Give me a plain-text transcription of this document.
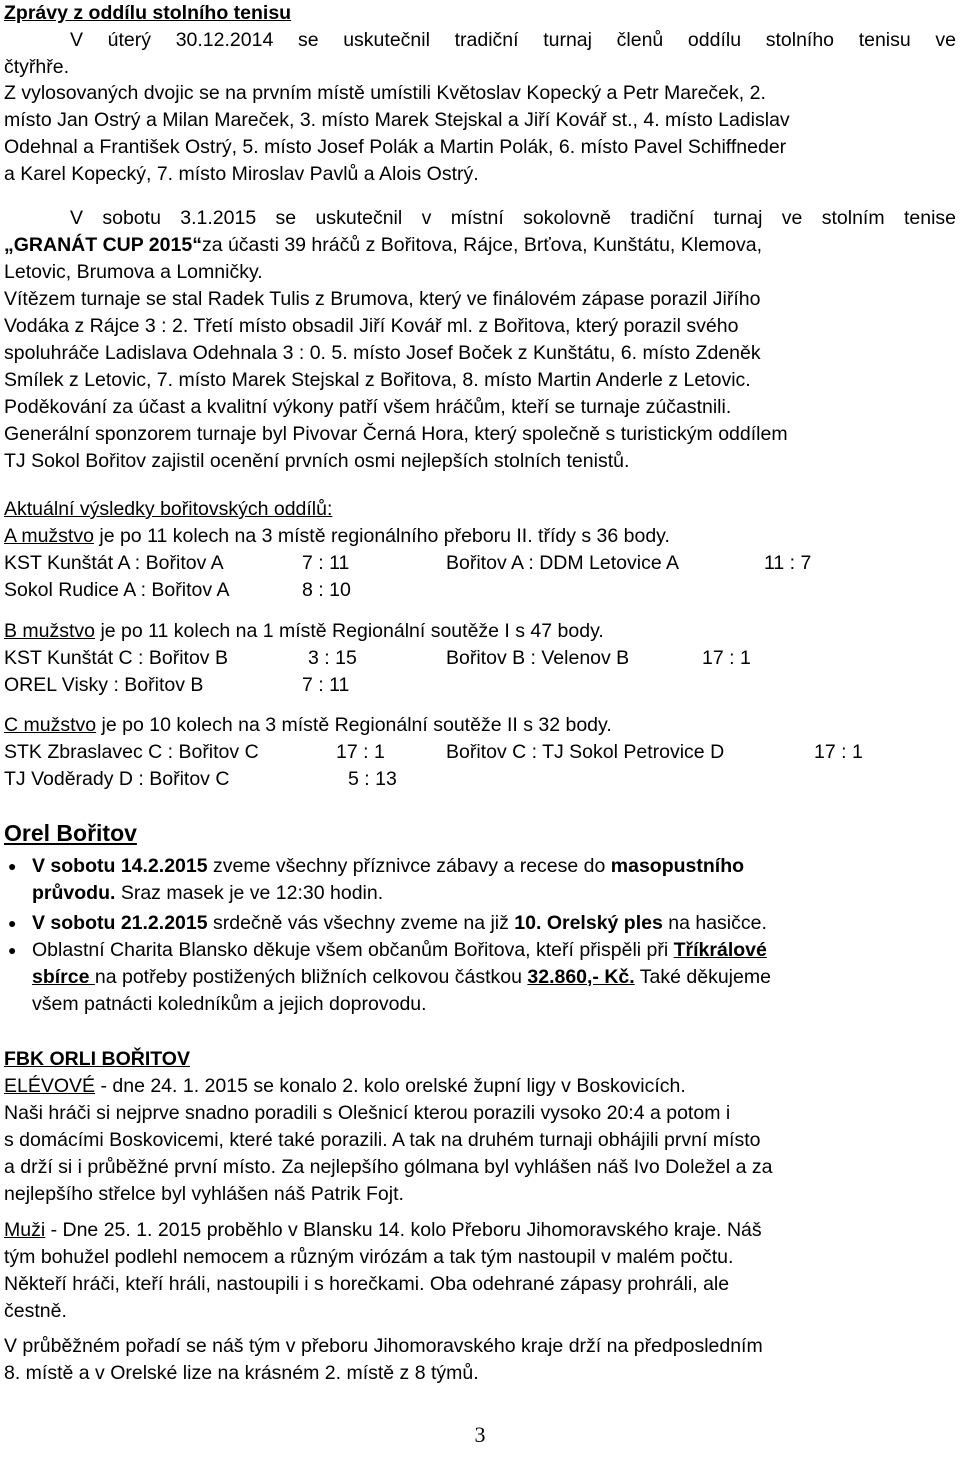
Zprávy z oddílu stolního tenisu
V úterý 30.12.2014 se uskutečnil tradiční turnaj členů oddílu stolního tenisu ve
čtyřhře.
Z vylosovaných dvojic se na prvním místě umístili Květoslav Kopecký a Petr Mareček, 2.
místo Jan Ostrý a Milan Mareček, 3. místo Marek Stejskal a Jiří Kovář st., 4. místo Ladislav
Odehnal a František Ostrý, 5. místo Josef Polák a Martin Polák, 6. místo Pavel Schiffneder
a Karel Kopecký, 7. místo Miroslav Pavlů a Alois Ostrý.
V sobotu 3.1.2015 se uskutečnil v místní sokolovně tradiční turnaj ve stolním tenise
„GRANÁT CUP 2015“za účasti 39 hráčů z Bořitova, Rájce, Brťova, Kunštátu, Klemova,
Letovic, Brumova a Lomničky.
Vítězem turnaje se stal Radek Tulis z Brumova, který ve finálovém zápase porazil Jiřího
Vodáka z Rájce 3 : 2. Třetí místo obsadil Jiří Kovář ml. z Bořitova, který porazil svého
spoluhráče Ladislava Odehnala 3 : 0. 5. místo Josef Boček z Kunštátu, 6. místo Zdeněk
Smílek z Letovic, 7. místo Marek Stejskal z Bořitova, 8. místo Martin Anderle z Letovic.
Poděkování za účast a kvalitní výkony patří všem hráčům, kteří se turnaje zúčastnili.
Generální sponzorem turnaje byl Pivovar Černá Hora, který společně s turistickým oddílem
TJ Sokol Bořitov zajistil ocenění prvních osmi nejlepších stolních tenistů.
Aktuální výsledky bořitovských oddílů:
A mužstvo je po 11 kolech na 3 místě regionálního přeboru II. třídy s 36 body.
KST Kunštát A : Bořitov A	7 : 11	Bořitov A : DDM Letovice A	11 : 7
Sokol Rudice A : Bořitov A	8 : 10
B mužstvo je po 11 kolech na 1 místě Regionální soutěže I s 47 body.
KST Kunštát C : Bořitov B	3 : 15	Bořitov B : Velenov B	17 : 1
OREL Visky : Bořitov B	7 : 11
C mužstvo je po 10 kolech na 3 místě Regionální soutěže II s 32 body.
STK Zbraslavec C : Bořitov C	17 : 1	Bořitov C : TJ Sokol Petrovice D	17 : 1
TJ Voděrady D : Bořitov C	5 : 13
Orel Bořitov
● V sobotu 14.2.2015 zveme všechny příznivce zábavy a recese do masopustního
průvodu. Sraz masek je ve 12:30 hodin.
● V sobotu 21.2.2015 srdečně vás všechny zveme na již 10. Orelský ples na hasičce.
● Oblastní Charita Blansko děkuje všem občanům Bořitova, kteří přispěli při Tříkrálové
sbírce na potřeby postižených bližních celkovou částkou 32.860,- Kč. Také děkujeme
všem patnácti koledníkům a jejich doprovodu.
FBK ORLI BOŘITOV
ELÉVOVÉ - dne 24. 1. 2015 se konalo 2. kolo orelské župní ligy v Boskovicích.
Naši hráči si nejprve snadno poradili s Olešnicí kterou porazili vysoko 20:4 a potom i
s domácími Boskovicemi, které také porazili. A tak na druhém turnaji obhájili první místo
a drží si i průběžné první místo. Za nejlepšího gólmana byl vyhlášen náš Ivo Doležel a za
nejlepšího střelce byl vyhlášen náš Patrik Fojt.
Muži - Dne 25. 1. 2015 proběhlo v Blansku 14. kolo Přeboru Jihomoravského kraje. Náš
tým bohužel podlehl nemocem a různým virózám a tak tým nastoupil v malém počtu.
Někteří hráči, kteří hráli, nastoupili i s horečkami. Oba odehrané zápasy prohráli, ale
čestně.
V průběžném pořadí se náš tým v přeboru Jihomoravského kraje drží na předposledním
8. místě a v Orelské lize na krásném 2. místě z 8 týmů.
3
